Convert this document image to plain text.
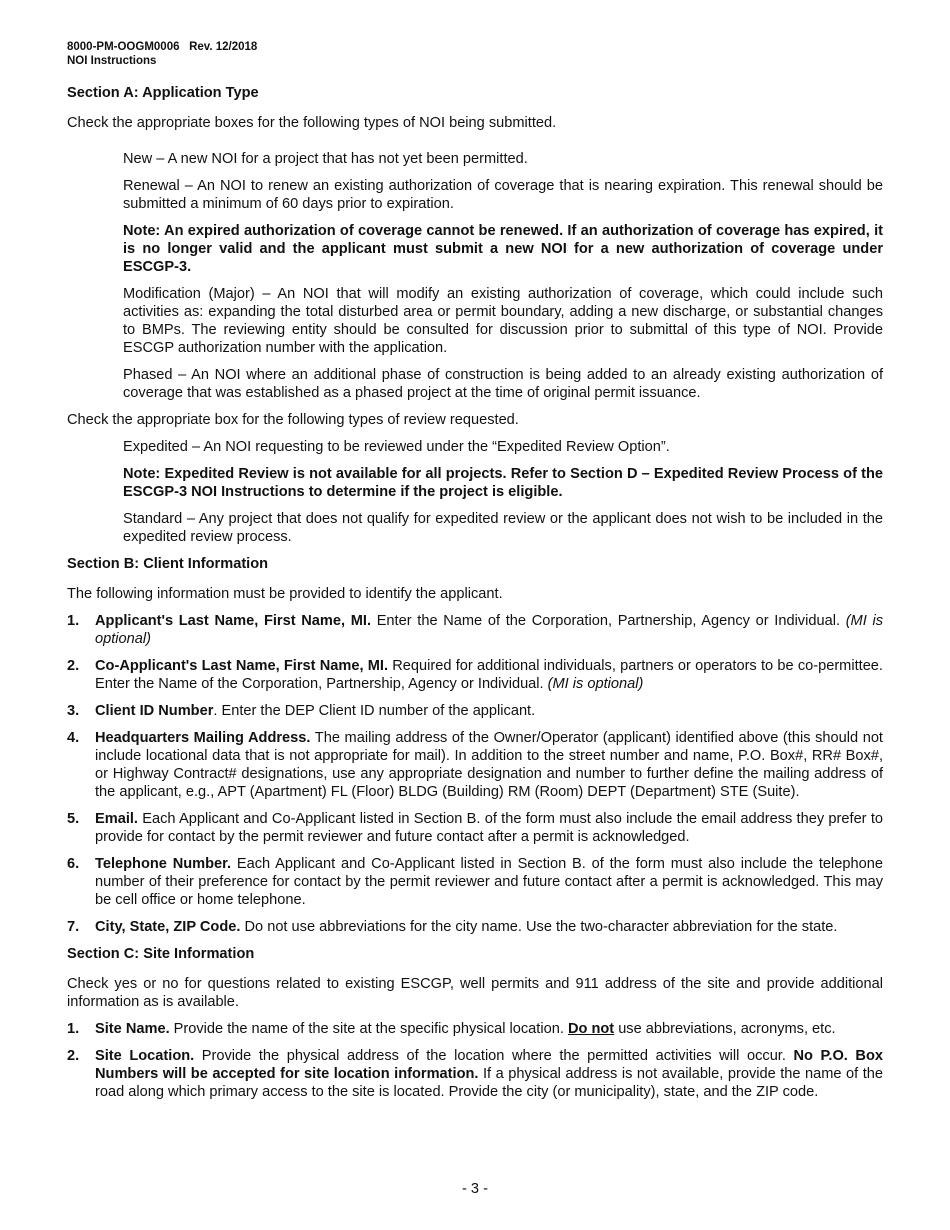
8000-PM-OOGM0006 Rev. 12/2018
NOI Instructions

Section A: Application Type

Check the appropriate boxes for the following types of NOI being submitted.

New – A new NOI for a project that has not yet been permitted.

Renewal – An NOI to renew an existing authorization of coverage that is nearing expiration. This renewal should be submitted a minimum of 60 days prior to expiration.

Note: An expired authorization of coverage cannot be renewed. If an authorization of coverage has expired, it is no longer valid and the applicant must submit a new NOI for a new authorization of coverage under ESCGP-3.

Modification (Major) – An NOI that will modify an existing authorization of coverage, which could include such activities as: expanding the total disturbed area or permit boundary, adding a new discharge, or substantial changes to BMPs. The reviewing entity should be consulted for discussion prior to submittal of this type of NOI. Provide ESCGP authorization number with the application.

Phased – An NOI where an additional phase of construction is being added to an already existing authorization of coverage that was established as a phased project at the time of original permit issuance.

Check the appropriate box for the following types of review requested.

Expedited – An NOI requesting to be reviewed under the “Expedited Review Option”.

Note: Expedited Review is not available for all projects. Refer to Section D – Expedited Review Process of the ESCGP-3 NOI Instructions to determine if the project is eligible.

Standard – Any project that does not qualify for expedited review or the applicant does not wish to be included in the expedited review process.

Section B: Client Information

The following information must be provided to identify the applicant.

1. Applicant's Last Name, First Name, MI. Enter the Name of the Corporation, Partnership, Agency or Individual. (MI is optional)
2. Co-Applicant's Last Name, First Name, MI. Required for additional individuals, partners or operators to be co-permittee. Enter the Name of the Corporation, Partnership, Agency or Individual. (MI is optional)
3. Client ID Number. Enter the DEP Client ID number of the applicant.
4. Headquarters Mailing Address. The mailing address of the Owner/Operator (applicant) identified above (this should not include locational data that is not appropriate for mail). In addition to the street number and name, P.O. Box#, RR# Box#, or Highway Contract# designations, use any appropriate designation and number to further define the mailing address of the applicant, e.g., APT (Apartment) FL (Floor) BLDG (Building) RM (Room) DEPT (Department) STE (Suite).
5. Email. Each Applicant and Co-Applicant listed in Section B. of the form must also include the email address they prefer to provide for contact by the permit reviewer and future contact after a permit is acknowledged.
6. Telephone Number. Each Applicant and Co-Applicant listed in Section B. of the form must also include the telephone number of their preference for contact by the permit reviewer and future contact after a permit is acknowledged. This may be cell office or home telephone.
7. City, State, ZIP Code. Do not use abbreviations for the city name. Use the two-character abbreviation for the state.

Section C: Site Information

Check yes or no for questions related to existing ESCGP, well permits and 911 address of the site and provide additional information as is available.

1. Site Name. Provide the name of the site at the specific physical location. Do not use abbreviations, acronyms, etc.
2. Site Location. Provide the physical address of the location where the permitted activities will occur. No P.O. Box Numbers will be accepted for site location information. If a physical address is not available, provide the name of the road along which primary access to the site is located. Provide the city (or municipality), state, and the ZIP code.
- 3 -
